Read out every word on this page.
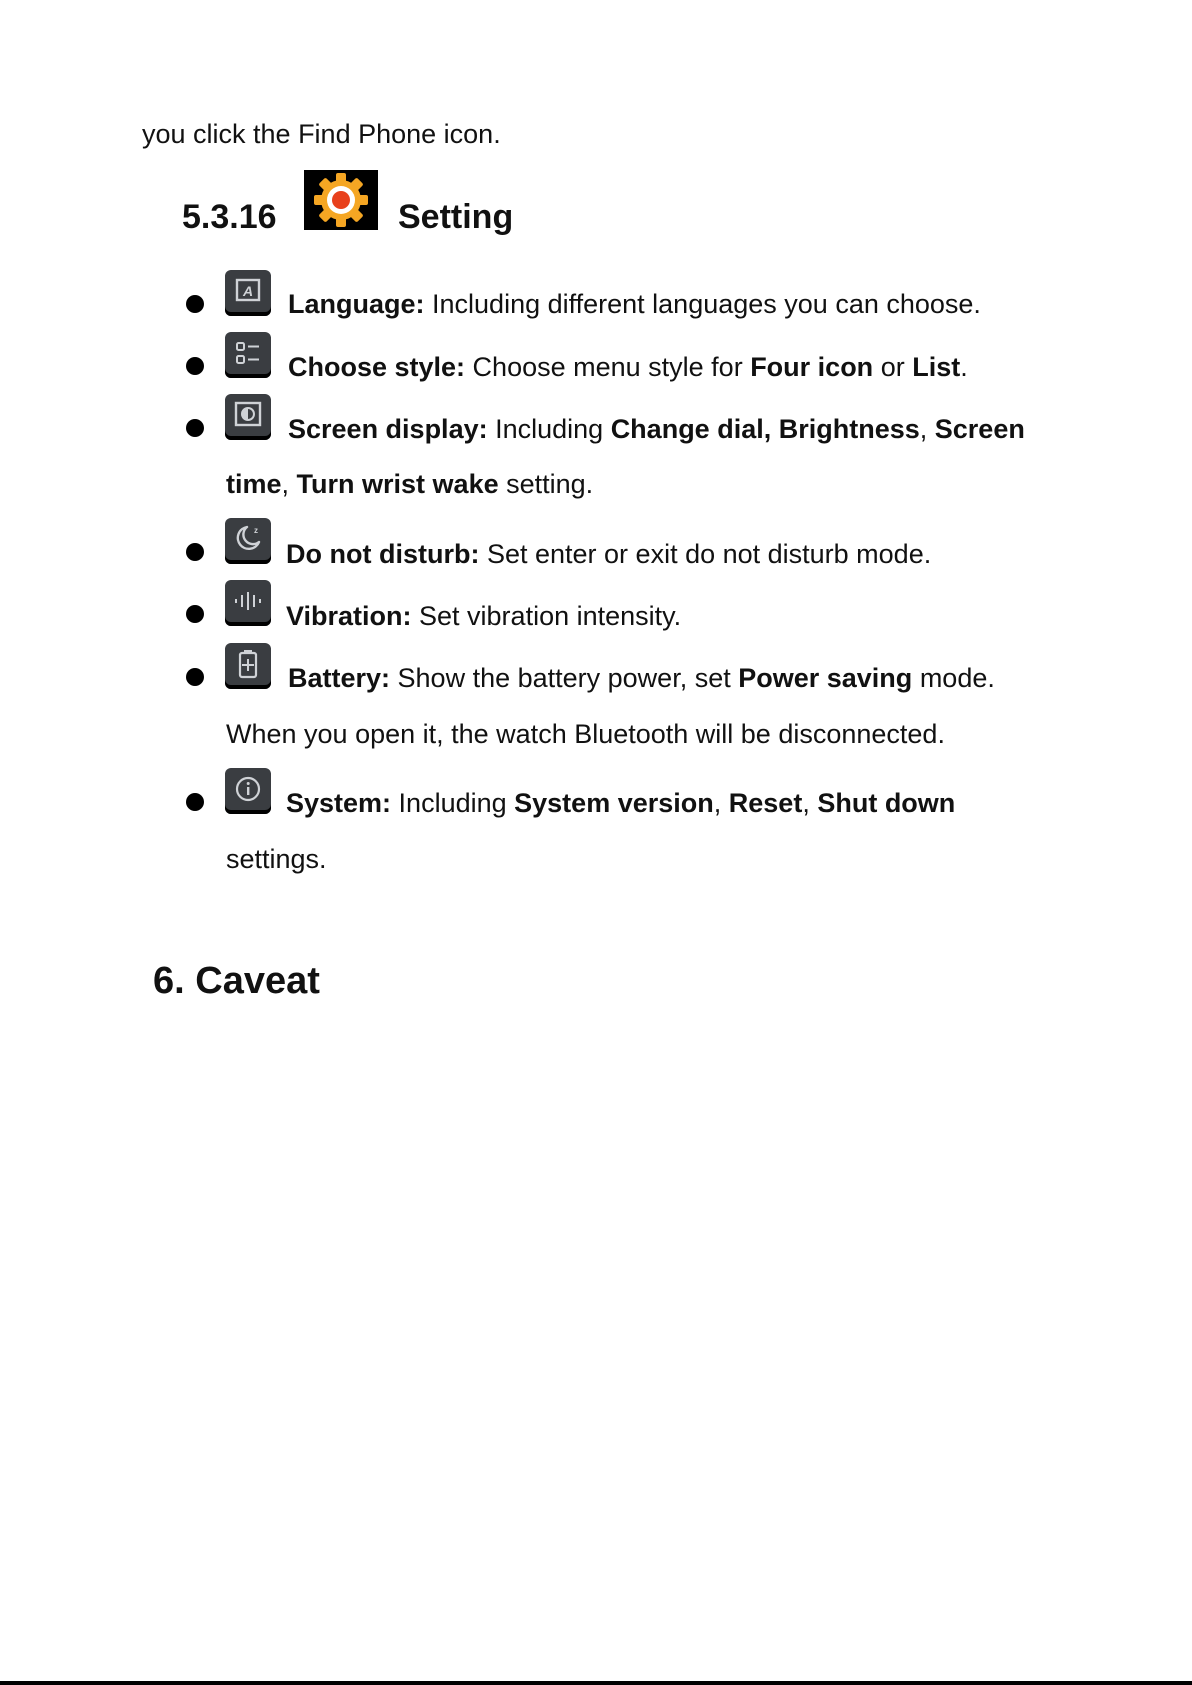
you click the Find Phone icon.
5.3.16	Setting
A Language: Including different languages you can choose.
Choose style: Choose menu style for Four icon or List.
Screen display: Including Change dial, Brightness, Screen
time, Turn wrist wake setting.
z
Do not disturb: Set enter or exit do not disturb mode.
Vibration: Set vibration intensity.
Battery: Show the battery power, set Power saving mode.
When you open it, the watch Bluetooth will be disconnected.
System: Including System version, Reset, Shut down
settings.
6. Caveat
